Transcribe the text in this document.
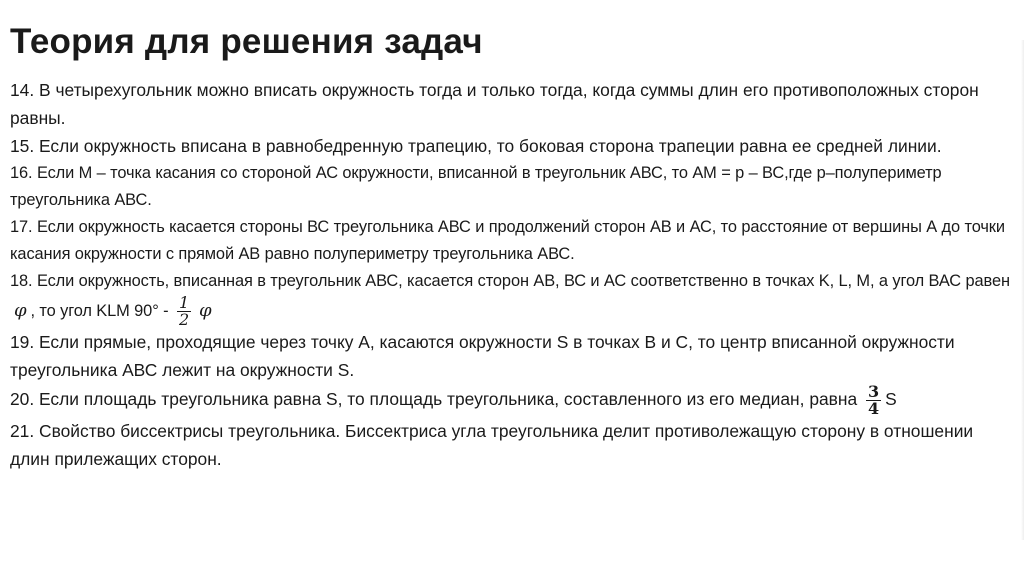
Теория для решения задач
14. В четырехугольник можно вписать окружность тогда и только тогда, когда суммы длин его противоположных сторон равны.
15. Если окружность вписана в равнобедренную трапецию, то боковая сторона трапеции равна ее средней линии.
16. Если М – точка касания со стороной АС окружности, вписанной в треугольник АВС, то АМ = р – ВС,где р–полупериметр треугольника АВС.
17. Если окружность касается стороны ВС треугольника АВС и продолжений сторон АВ и АС, то расстояние от вершины А до точки касания окружности с прямой АВ равно полупериметру треугольника АВС.
18. Если окружность, вписанная в треугольник АВС, касается сторон АВ, ВС и АС соответственно в точках K, L, M, а угол ВАС равен φ , то угол KLM $90^\circ - \frac{1}{2}$ φ
19. Если прямые, проходящие через точку А, касаются окружности S в точках В и С, то центр вписанной окружности треугольника АВС лежит на окружности S.
20. Если площадь треугольника равна S, то площадь треугольника, составленного из его медиан, равна $\frac{3}{4}$ S
21. Свойство биссектрисы треугольника. Биссектриса угла треугольника делит противолежащую сторону в отношении длин прилежащих сторон.
